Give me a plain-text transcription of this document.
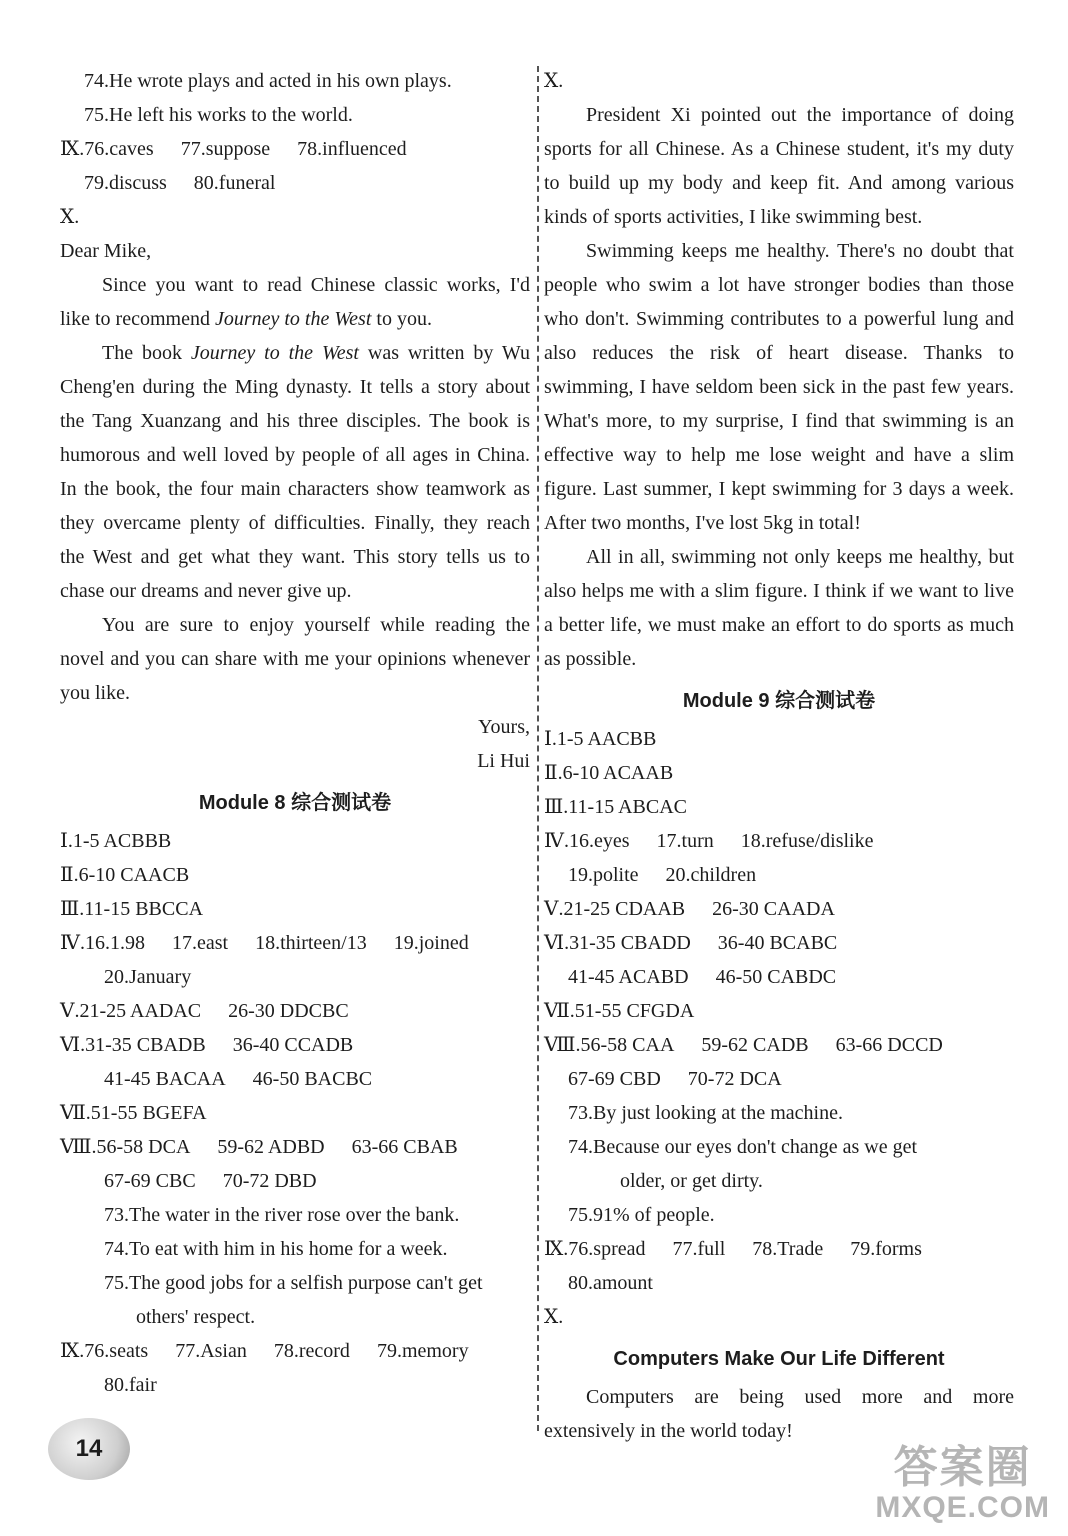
74.He wrote plays and acted in his own plays.

75.He left his works to the world.

Ⅸ.76.caves 77.suppose 78.influenced

79.discuss 80.funeral

Ⅹ.

Dear Mike,

Since you want to read Chinese classic works, I'd like to recommend Journey to the West to you.

The book Journey to the West was written by Wu Cheng'en during the Ming dynasty. It tells a story about the Tang Xuanzang and his three disciples. The book is humorous and well loved by people of all ages in China. In the book, the four main characters show teamwork as they overcame plenty of difficulties. Finally, they reach the West and get what they want. This story tells us to chase our dreams and never give up.

You are sure to enjoy yourself while reading the novel and you can share with me your opinions whenever you like.

Yours,

Li Hui

Module 8 综合测试卷

Ⅰ.1-5 ACBBB

Ⅱ.6-10 CAACB

Ⅲ.11-15 BBCCA

Ⅳ.16.1.98 17.east 18.thirteen/13 19.joined

20.January

Ⅴ.21-25 AADAC 26-30 DDCBC

Ⅵ.31-35 CBADB 36-40 CCADB

41-45 BACAA 46-50 BACBC

Ⅶ.51-55 BGEFA

Ⅷ.56-58 DCA 59-62 ADBD 63-66 CBAB

67-69 CBC 70-72 DBD

73.The water in the river rose over the bank.

74.To eat with him in his home for a week.

75.The good jobs for a selfish purpose can't get

others' respect.

Ⅸ.76.seats 77.Asian 78.record 79.memory

80.fair

Ⅹ.

President Xi pointed out the importance of doing sports for all Chinese. As a Chinese student, it's my duty to build up my body and keep fit. And among various kinds of sports activities, I like swimming best.

Swimming keeps me healthy. There's no doubt that people who swim a lot have stronger bodies than those who don't. Swimming contributes to a powerful lung and also reduces the risk of heart disease. Thanks to swimming, I have seldom been sick in the past few years. What's more, to my surprise, I find that swimming is an effective way to help me lose weight and have a slim figure. Last summer, I kept swimming for 3 days a week. After two months, I've lost 5kg in total!

All in all, swimming not only keeps me healthy, but also helps me with a slim figure. I think if we want to live a better life, we must make an effort to do sports as much as possible.

Module 9 综合测试卷

Ⅰ.1-5 AACBB

Ⅱ.6-10 ACAAB

Ⅲ.11-15 ABCAC

Ⅳ.16.eyes 17.turn 18.refuse/dislike

19.polite 20.children

Ⅴ.21-25 CDAAB 26-30 CAADA

Ⅵ.31-35 CBADD 36-40 BCABC

41-45 ACABD 46-50 CABDC

Ⅶ.51-55 CFGDA

Ⅷ.56-58 CAA 59-62 CADB 63-66 DCCD

67-69 CBD 70-72 DCA

73.By just looking at the machine.

74.Because our eyes don't change as we get

older, or get dirty.

75.91% of people.

Ⅸ.76.spread 77.full 78.Trade 79.forms

80.amount

Ⅹ.

Computers Make Our Life Different

Computers are being used more and more extensively in the world today!

14	答案圈
MXQE.COM
